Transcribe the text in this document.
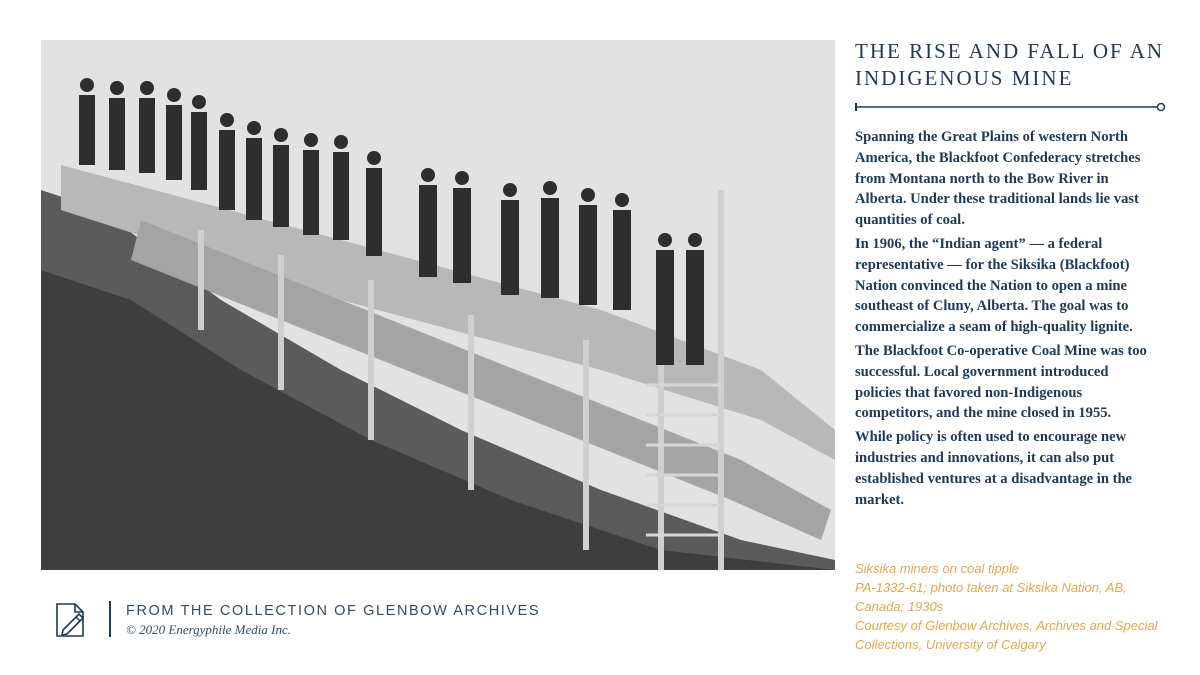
THE RISE AND FALL OF AN INDIGENOUS MINE

Spanning the Great Plains of western North America, the Blackfoot Confederacy stretches from Montana north to the Bow River in Alberta. Under these traditional lands lie vast quantities of coal.

In 1906, the “Indian agent” — a federal representative — for the Siksika (Blackfoot) Nation convinced the Nation to open a mine southeast of Cluny, Alberta. The goal was to commercialize a seam of high-quality lignite.

The Blackfoot Co-operative Coal Mine was too successful. Local government introduced policies that favored non-Indigenous competitors, and the mine closed in 1955.

While policy is often used to encourage new industries and innovations, it can also put established ventures at a disadvantage in the market.

Siksika miners on coal tipple
PA-1332-61; photo taken at Siksika Nation, AB, Canada; 1930s
Courtesy of Glenbow Archives, Archives and Special Collections, University of Calgary
FROM THE COLLECTION OF GLENBOW ARCHIVES
© 2020 Energyphile Media Inc.
